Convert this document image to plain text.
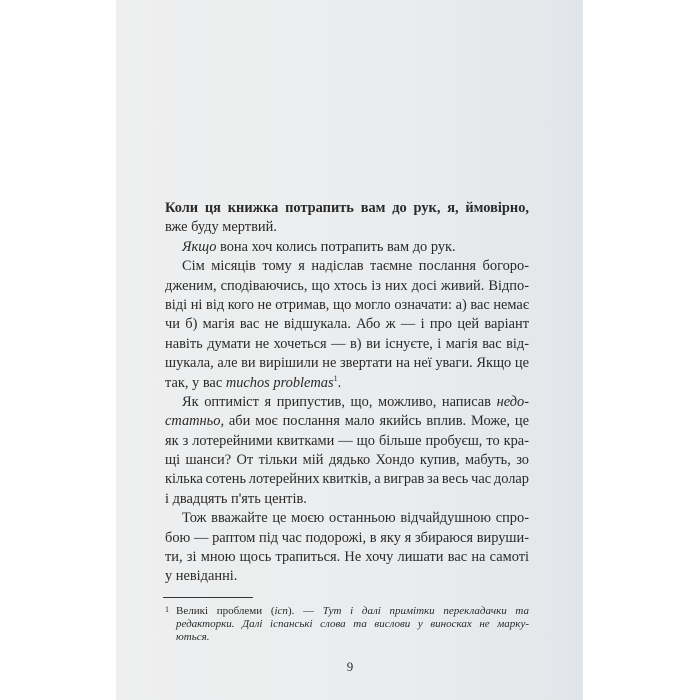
Коли ця книжка потрапить вам до рук, я, ймовірно,
вже буду мертвий.
Якщо вона хоч колись потрапить вам до рук.
Сім місяців тому я надіслав таємне послання богоро-
дженим, сподіваючись, що хтось із них досі живий. Відпо-
віді ні від кого не отримав, що могло означати: а) вас немає
чи б) магія вас не відшукала. Або ж — і про цей варіант
навіть думати не хочеться — в) ви існуєте, і магія вас від-
шукала, але ви вирішили не звертати на неї уваги. Якщо це
так, у вас muchos problemas$^1$.
Як оптиміст я припустив, що, можливо, написав недо-
статньо, аби моє послання мало якийсь вплив. Може, це
як з лотерейними квитками — що більше пробуєш, то кра-
щі шанси? От тільки мій дядько Хондо купив, мабуть, зо
кілька сотень лотерейних квитків, а виграв за весь час долар
і двадцять п'ять центів.
Тож вважайте це моєю останньою відчайдушною спро-
бою — раптом під час подорожі, в яку я збираюся вируши-
ти, зі мною щось трапиться. Не хочу лишати вас на самоті
у невіданні.
1 Великі проблеми (ісп). — Тут і далі примітки перекладачки та
редакторки. Далі іспанські слова та вислови у виносках не марку-
ються.
9
